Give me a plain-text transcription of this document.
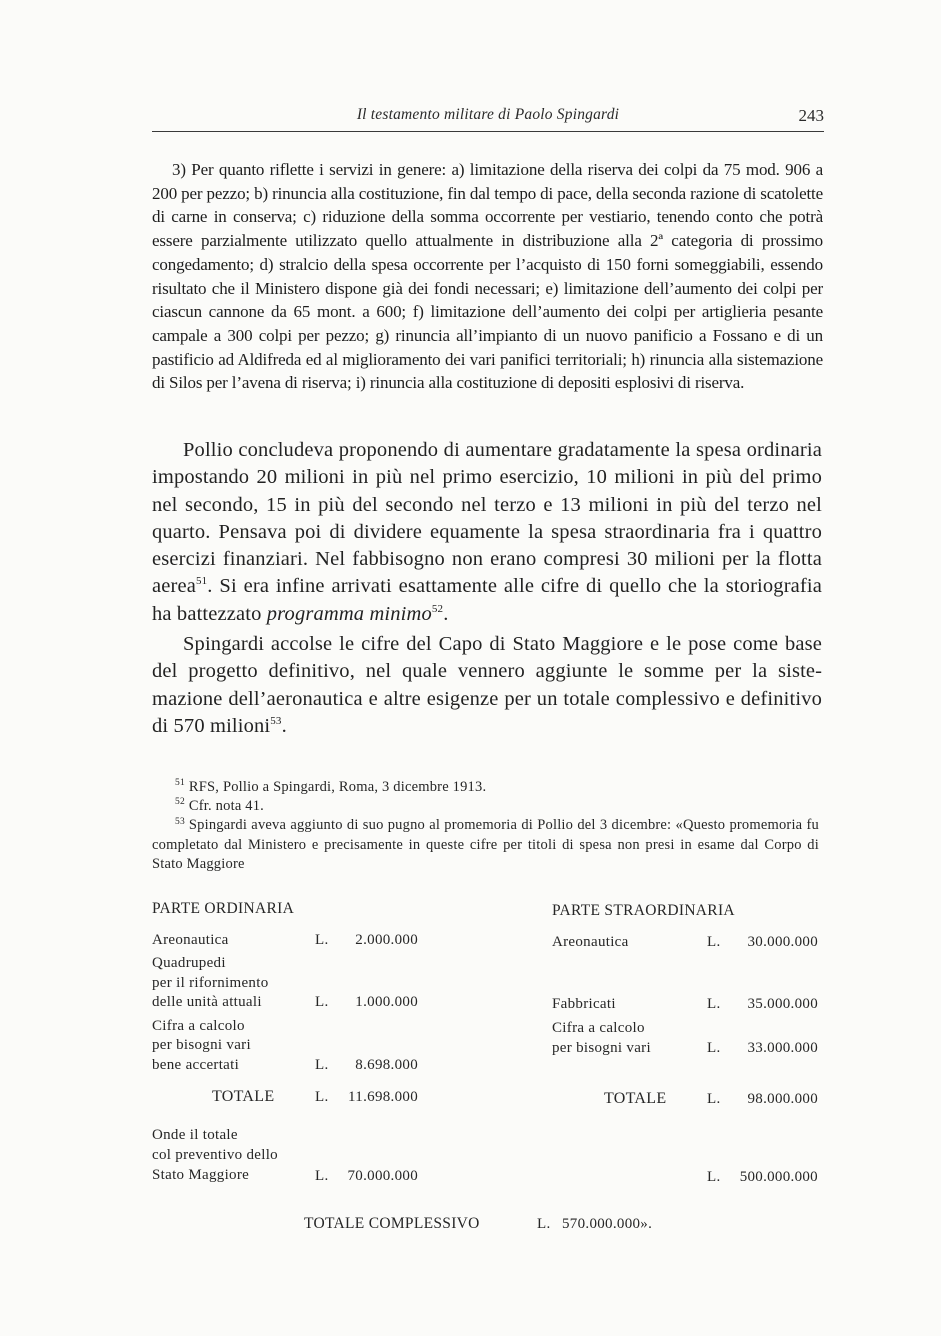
Il testamento militare di Paolo Spingardi	243

3) Per quanto riflette i servizi in genere: a) limitazione della riserva dei colpi da 75 mod. 906 a 200 per pezzo; b) rinuncia alla costituzione, fin dal tempo di pace, della seconda razione di scatolette di carne in conserva; c) riduzione della somma occorrente per vestiario, tenendo conto che potrà essere parzialmente utilizzato quello attualmente in distribuzione alla 2ª categoria di prossimo congedamento; d) stralcio della spesa occorrente per l’acquisto di 150 forni someggiabili, essendo risultato che il Ministero dispone già dei fondi necessari; e) limitazione dell’aumento dei colpi per ciascun cannone da 65 mont. a 600; f) limitazione dell’aumento dei colpi per artiglieria pesante campale a 300 colpi per pezzo; g) rinuncia all’impianto di un nuovo panificio a Fossano e di un pastificio ad Aldifreda ed al miglioramento dei vari panifici territoriali; h) rinuncia alla sistemazione di Silos per l’avena di riserva; i) rinuncia alla costituzione di depositi esplosivi di riserva.

Pollio concludeva proponendo di aumentare gradatamente la spesa ordinaria impostando 20 milioni in più nel primo esercizio, 10 milioni in più del primo nel secondo, 15 in più del secondo nel terzo e 13 milioni in più del terzo nel quarto. Pensava poi di dividere equamente la spesa straordinaria fra i quattro esercizi finanziari. Nel fabbisogno non erano compresi 30 milioni per la flotta aerea$^{51}$. Si era infine arrivati esattamente alle cifre di quello che la storiografia ha battezzato programma minimo$^{52}$.

Spingardi accolse le cifre del Capo di Stato Maggiore e le pose come base del progetto definitivo, nel quale vennero aggiunte le somme per la sistemazione dell’aeronautica e altre esigenze per un totale complessivo e definitivo di 570 milioni$^{53}$.

$^{51}$ RFS, Pollio a Spingardi, Roma, 3 dicembre 1913.

$^{52}$ Cfr. nota 41.

$^{53}$ Spingardi aveva aggiunto di suo pugno al promemoria di Pollio del 3 dicembre: «Questo promemoria fu completato dal Ministero e precisamente in queste cifre per titoli di spesa non presi in esame dal Corpo di Stato Maggiore

PARTE ORDINARIA
Areonautica	L.	2.000.000
Quadrupedi
per il rifornimento
delle unità attuali	L.	1.000.000
Cifra a calcolo
per bisogni vari
bene accertati	L.	8.698.000
TOTALE	L.	11.698.000
Onde il totale
col preventivo dello
Stato Maggiore	L.	70.000.000
PARTE STRAORDINARIA
Areonautica	L.	30.000.000
Fabbricati	L.	35.000.000
Cifra a calcolo
per bisogni vari	L.	33.000.000
TOTALE	L.	98.000.000
L.	500.000.000
TOTALE COMPLESSIVO	L. 570.000.000».
